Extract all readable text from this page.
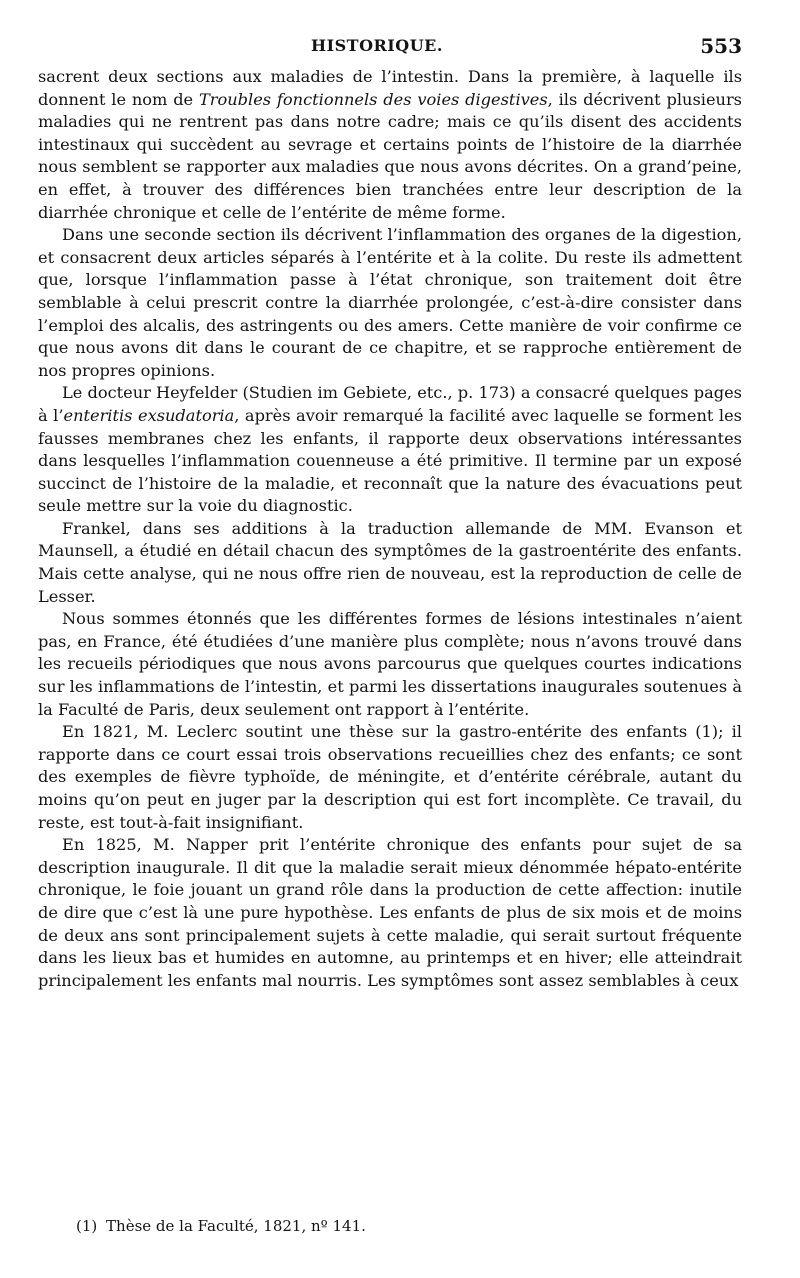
HISTORIQUE.	553

sacrent deux sections aux maladies de l’intestin. Dans la première, à laquelle ils donnent le nom de Troubles fonctionnels des voies digestives, ils décrivent plusieurs maladies qui ne rentrent pas dans notre cadre; mais ce qu’ils disent des accidents intestinaux qui succèdent au sevrage et certains points de l’histoire de la diarrhée nous semblent se rapporter aux maladies que nous avons décrites. On a grand’peine, en effet, à trouver des différences bien tranchées entre leur description de la diarrhée chronique et celle de l’entérite de même forme.

Dans une seconde section ils décrivent l’inflammation des organes de la digestion, et consacrent deux articles séparés à l’entérite et à la colite. Du reste ils admettent que, lorsque l’inflammation passe à l’état chronique, son traitement doit être semblable à celui prescrit contre la diarrhée prolongée, c’est-à-dire consister dans l’emploi des alcalis, des astringents ou des amers. Cette manière de voir confirme ce que nous avons dit dans le courant de ce chapitre, et se rapproche entièrement de nos propres opinions.

Le docteur Heyfelder (Studien im Gebiete, etc., p. 173) a consacré quelques pages à l’enteritis exsudatoria, après avoir remarqué la facilité avec laquelle se forment les fausses membranes chez les enfants, il rapporte deux observations intéressantes dans lesquelles l’inflammation couenneuse a été primitive. Il termine par un exposé succinct de l’histoire de la maladie, et reconnaît que la nature des évacuations peut seule mettre sur la voie du diagnostic.

Frankel, dans ses additions à la traduction allemande de MM. Evanson et Maunsell, a étudié en détail chacun des symptômes de la gastroentérite des enfants. Mais cette analyse, qui ne nous offre rien de nouveau, est la reproduction de celle de Lesser.

Nous sommes étonnés que les différentes formes de lésions intestinales n’aient pas, en France, été étudiées d’une manière plus complète; nous n’avons trouvé dans les recueils périodiques que nous avons parcourus que quelques courtes indications sur les inflammations de l’intestin, et parmi les dissertations inaugurales soutenues à la Faculté de Paris, deux seulement ont rapport à l’entérite.

En 1821, M. Leclerc soutint une thèse sur la gastro-entérite des enfants (1); il rapporte dans ce court essai trois observations recueillies chez des enfants; ce sont des exemples de fièvre typhoïde, de méningite, et d’entérite cérébrale, autant du moins qu’on peut en juger par la description qui est fort incomplète. Ce travail, du reste, est tout-à-fait insignifiant.

En 1825, M. Napper prit l’entérite chronique des enfants pour sujet de sa description inaugurale. Il dit que la maladie serait mieux dénommée hépato-entérite chronique, le foie jouant un grand rôle dans la production de cette affection: inutile de dire que c’est là une pure hypothèse. Les enfants de plus de six mois et de moins de deux ans sont principalement sujets à cette maladie, qui serait surtout fréquente dans les lieux bas et humides en automne, au printemps et en hiver; elle atteindrait principalement les enfants mal nourris. Les symptômes sont assez semblables à ceux

(1) Thèse de la Faculté, 1821, nº 141.
